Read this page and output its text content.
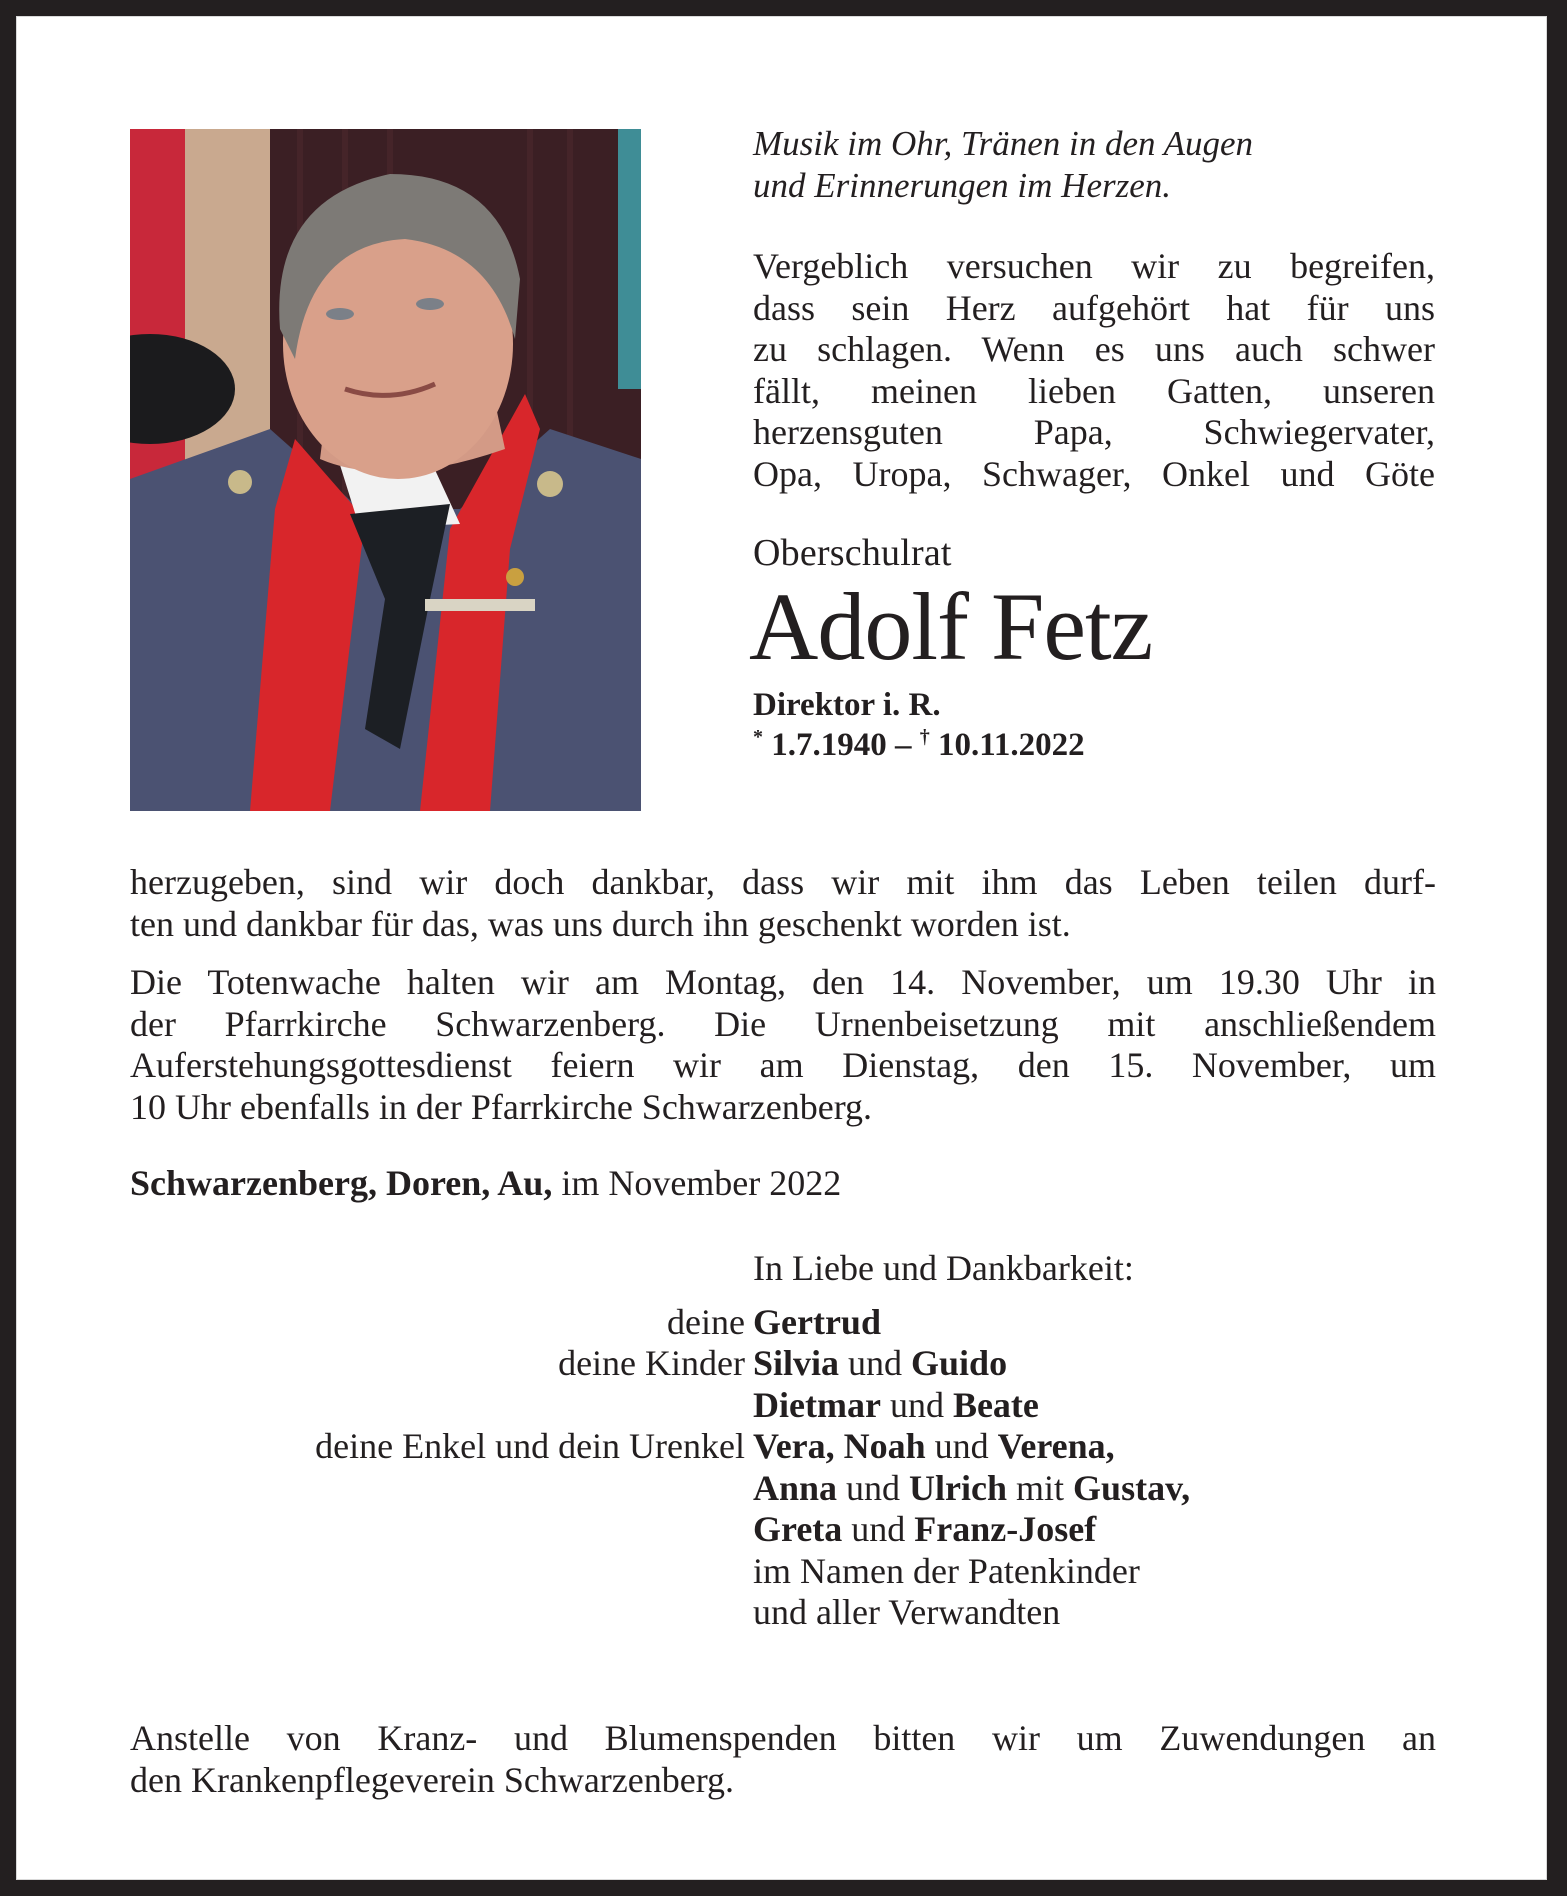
Musik im Ohr, Tränen in den Augen
und Erinnerungen im Herzen.

Vergeblich versuchen wir zu begreifen,
dass sein Herz aufgehört hat für uns
zu schlagen. Wenn es uns auch schwer
fällt, meinen lieben Gatten, unseren
herzensguten Papa, Schwiegervater,
Opa, Uropa, Schwager, Onkel und Göte

Oberschulrat

Adolf Fetz

Direktor i. R.

* 1.7.1940 – † 10.11.2022

herzugeben, sind wir doch dankbar, dass wir mit ihm das Leben teilen durf-
ten und dankbar für das, was uns durch ihn geschenkt worden ist.

Die Totenwache halten wir am Montag, den 14. November, um 19.30 Uhr in
der Pfarrkirche Schwarzenberg. Die Urnenbeisetzung mit anschließendem
Auferstehungsgottesdienst feiern wir am Dienstag, den 15. November, um
10 Uhr ebenfalls in der Pfarrkirche Schwarzenberg.

Schwarzenberg, Doren, Au, im November 2022

In Liebe und Dankbarkeit:
deine Gertrud
deine Kinder Silvia und Guido
Dietmar und Beate
deine Enkel und dein Urenkel Vera, Noah und Verena,
Anna und Ulrich mit Gustav,
Greta und Franz-Josef
im Namen der Patenkinder
und aller Verwandten

Anstelle von Kranz- und Blumenspenden bitten wir um Zuwendungen an
den Krankenpflegeverein Schwarzenberg.
